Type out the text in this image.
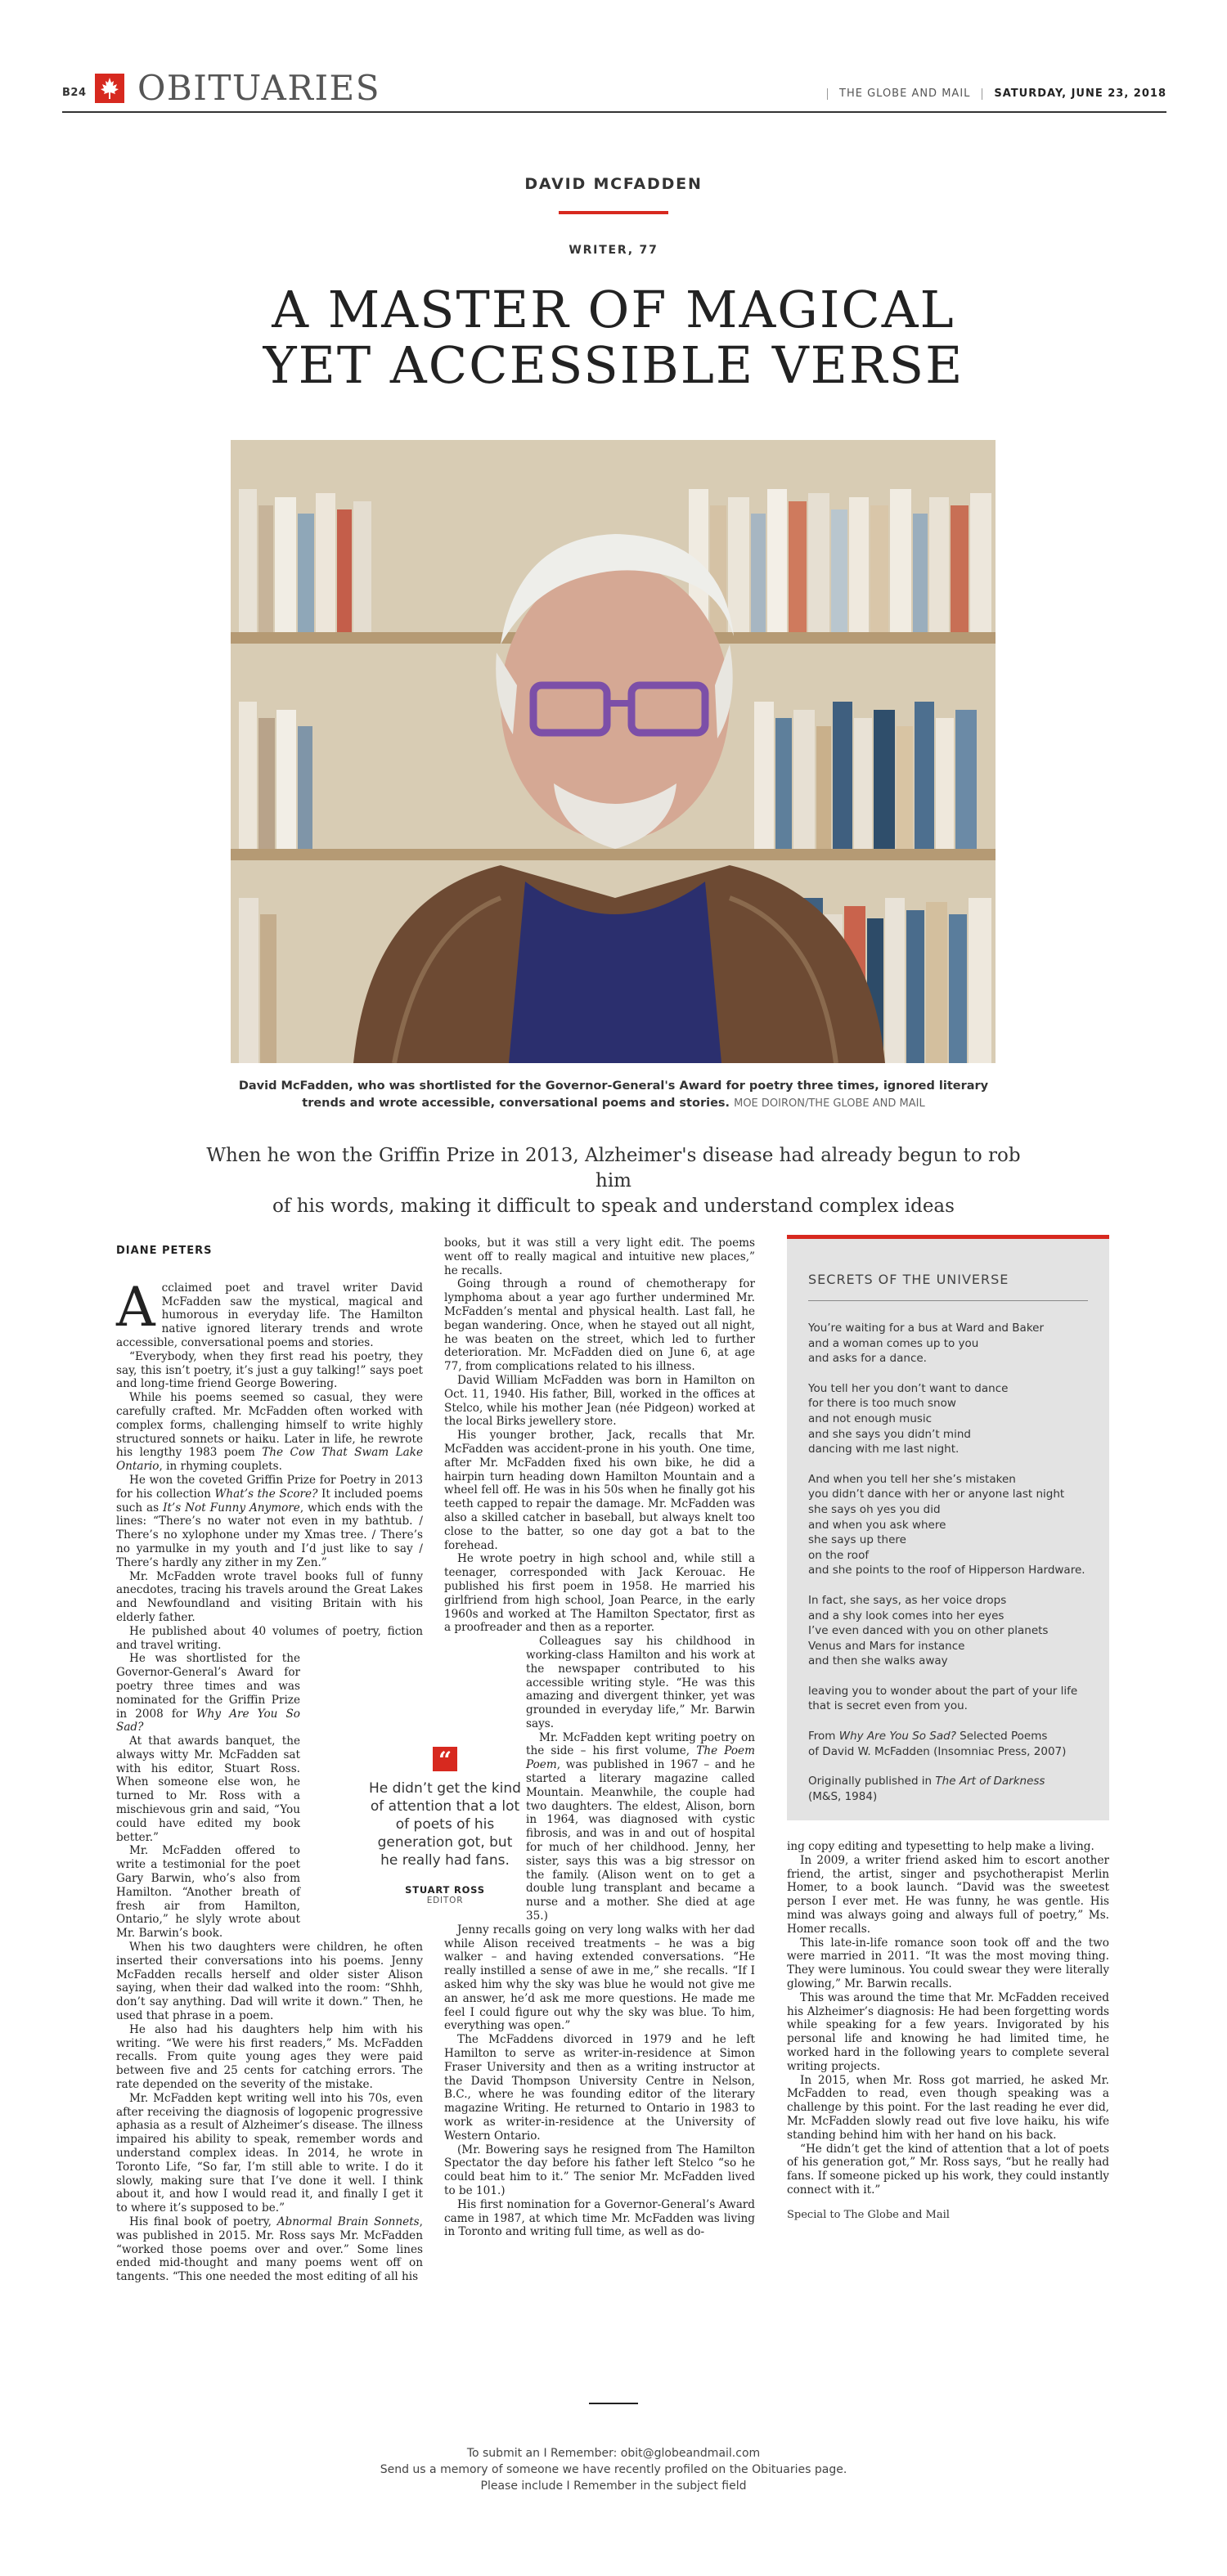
B24 OBITUARIES	THE GLOBE AND MAIL SATURDAY, JUNE 23, 2018
DAVID MCFADDEN
WRITER, 77
A MASTER OF MAGICAL
YET ACCESSIBLE VERSE
David McFadden, who was shortlisted for the Governor-General's Award for poetry three times, ignored literary trends and wrote accessible, conversational poems and stories. MOE DOIRON/THE GLOBE AND MAIL
When he won the Griffin Prize in 2013, Alzheimer's disease had already begun to rob him
of his words, making it difficult to speak and understand complex ideas
DIANE PETERS

Acclaimed poet and travel writer David McFadden saw the mystical, magical and humorous in everyday life. The Hamilton native ignored literary trends and wrote accessible, conversational poems and stories.

“Everybody, when they first read his poetry, they say, this isn’t poetry, it’s just a guy talking!” says poet and long-time friend George Bowering.

While his poems seemed so casual, they were carefully crafted. Mr. McFadden often worked with complex forms, challenging himself to write highly structured sonnets or haiku. Later in life, he rewrote his lengthy 1983 poem The Cow That Swam Lake Ontario, in rhyming couplets.

He won the coveted Griffin Prize for Poetry in 2013 for his collection What’s the Score? It included poems such as It’s Not Funny Anymore, which ends with the lines: “There’s no water not even in my bathtub. / There’s no xylophone under my Xmas tree. / There’s no yarmulke in my youth and I’d just like to say / There’s hardly any zither in my Zen.”

Mr. McFadden wrote travel books full of funny anecdotes, tracing his travels around the Great Lakes and Newfoundland and visiting Britain with his elderly father.

He published about 40 volumes of poetry, fiction and travel writing.

He was shortlisted for the Governor-General’s Award for poetry three times and was nominated for the Griffin Prize in 2008 for Why Are You So Sad?

At that awards banquet, the always witty Mr. McFadden sat with his editor, Stuart Ross. When someone else won, he turned to Mr. Ross with a mischievous grin and said, “You could have edited my book better.”

Mr. McFadden offered to write a testimonial for the poet Gary Barwin, who’s also from Hamilton. “Another breath of fresh air from Hamilton, Ontario,” he slyly wrote about Mr. Barwin’s book.

When his two daughters were children, he often inserted their conversations into his poems. Jenny McFadden recalls herself and older sister Alison saying, when their dad walked into the room: “Shhh, don’t say anything. Dad will write it down.” Then, he used that phrase in a poem.

He also had his daughters help him with his writing. “We were his first readers,” Ms. McFadden recalls. From quite young ages they were paid between five and 25 cents for catching errors. The rate depended on the severity of the mistake.

Mr. McFadden kept writing well into his 70s, even after receiving the diagnosis of logopenic progressive aphasia as a result of Alzheimer’s disease. The illness impaired his ability to speak, remember words and understand complex ideas. In 2014, he wrote in Toronto Life, “So far, I’m still able to write. I do it slowly, making sure that I’ve done it well. I think about it, and how I would read it, and finally I get it to where it’s supposed to be.”

His final book of poetry, Abnormal Brain Sonnets, was published in 2015. Mr. Ross says Mr. McFadden “worked those poems over and over.” Some lines ended mid-thought and many poems went off on tangents. “This one needed the most editing of all his

“
He didn’t get the kind of attention that a lot of poets of his generation got, but he really had fans.
STUART ROSS
EDITOR

books, but it was still a very light edit. The poems went off to really magical and intuitive new places,” he recalls.

Going through a round of chemotherapy for lymphoma about a year ago further undermined Mr. McFadden’s mental and physical health. Last fall, he began wandering. Once, when he stayed out all night, he was beaten on the street, which led to further deterioration. Mr. McFadden died on June 6, at age 77, from complications related to his illness.

David William McFadden was born in Hamilton on Oct. 11, 1940. His father, Bill, worked in the offices at Stelco, while his mother Jean (née Pidgeon) worked at the local Birks jewellery store.

His younger brother, Jack, recalls that Mr. McFadden was accident-prone in his youth. One time, after Mr. McFadden fixed his own bike, he did a hairpin turn heading down Hamilton Mountain and a wheel fell off. He was in his 50s when he finally got his teeth capped to repair the damage. Mr. McFadden was also a skilled catcher in baseball, but always knelt too close to the batter, so one day got a bat to the forehead.

He wrote poetry in high school and, while still a teenager, corresponded with Jack Kerouac. He published his first poem in 1958. He married his girlfriend from high school, Joan Pearce, in the early 1960s and worked at The Hamilton Spectator, first as a proofreader and then as a reporter.

Colleagues say his childhood in working-class Hamilton and his work at the newspaper contributed to his accessible writing style. “He was this amazing and divergent thinker, yet was grounded in everyday life,” Mr. Barwin says.

Mr. McFadden kept writing poetry on the side – his first volume, The Poem Poem, was published in 1967 – and he started a literary magazine called Mountain. Meanwhile, the couple had two daughters. The eldest, Alison, born in 1964, was diagnosed with cystic fibrosis, and was in and out of hospital for much of her childhood. Jenny, her sister, says this was a big stressor on the family. (Alison went on to get a double lung transplant and became a nurse and a mother. She died at age 35.)

Jenny recalls going on very long walks with her dad while Alison received treatments – he was a big walker – and having extended conversations. “He really instilled a sense of awe in me,” she recalls. “If I asked him why the sky was blue he would not give me an answer, he’d ask me more questions. He made me feel I could figure out why the sky was blue. To him, everything was open.”

The McFaddens divorced in 1979 and he left Hamilton to serve as writer-in-residence at Simon Fraser University and then as a writing instructor at the David Thompson University Centre in Nelson, B.C., where he was founding editor of the literary magazine Writing. He returned to Ontario in 1983 to work as writer-in-residence at the University of Western Ontario.

(Mr. Bowering says he resigned from The Hamilton Spectator the day before his father left Stelco “so he could beat him to it.” The senior Mr. McFadden lived to be 101.)

His first nomination for a Governor-General’s Award came in 1987, at which time Mr. McFadden was living in Toronto and writing full time, as well as do-

SECRETS OF THE UNIVERSE
You’re waiting for a bus at Ward and Baker
and a woman comes up to you
and asks for a dance.
You tell her you don’t want to dance
for there is too much snow
and not enough music
and she says you didn’t mind
dancing with me last night.
And when you tell her she’s mistaken
you didn’t dance with her or anyone last night
she says oh yes you did
and when you ask where
she says up there
on the roof
and she points to the roof of Hipperson Hardware.
In fact, she says, as her voice drops
and a shy look comes into her eyes
I’ve even danced with you on other planets
Venus and Mars for instance
and then she walks away
leaving you to wonder about the part of your life
that is secret even from you.
From Why Are You So Sad? Selected Poems
of David W. McFadden (Insomniac Press, 2007)
Originally published in The Art of Darkness
(M&S, 1984)

ing copy editing and typesetting to help make a living.

In 2009, a writer friend asked him to escort another friend, the artist, singer and psychotherapist Merlin Homer, to a book launch. “David was the sweetest person I ever met. He was funny, he was gentle. His mind was always going and always full of poetry,” Ms. Homer recalls.

This late-in-life romance soon took off and the two were married in 2011. “It was the most moving thing. They were luminous. You could swear they were literally glowing,” Mr. Barwin recalls.

This was around the time that Mr. McFadden received his Alzheimer’s diagnosis: He had been forgetting words while speaking for a few years. Invigorated by his personal life and knowing he had limited time, he worked hard in the following years to complete several writing projects.

In 2015, when Mr. Ross got married, he asked Mr. McFadden to read, even though speaking was a challenge by this point. For the last reading he ever did, Mr. McFadden slowly read out five love haiku, his wife standing behind him with her hand on his back.

“He didn’t get the kind of attention that a lot of poets of his generation got,” Mr. Ross says, “but he really had fans. If someone picked up his work, they could instantly connect with it.”

Special to The Globe and Mail

To submit an I Remember: obit@globeandmail.com
Send us a memory of someone we have recently profiled on the Obituaries page.
Please include I Remember in the subject field
